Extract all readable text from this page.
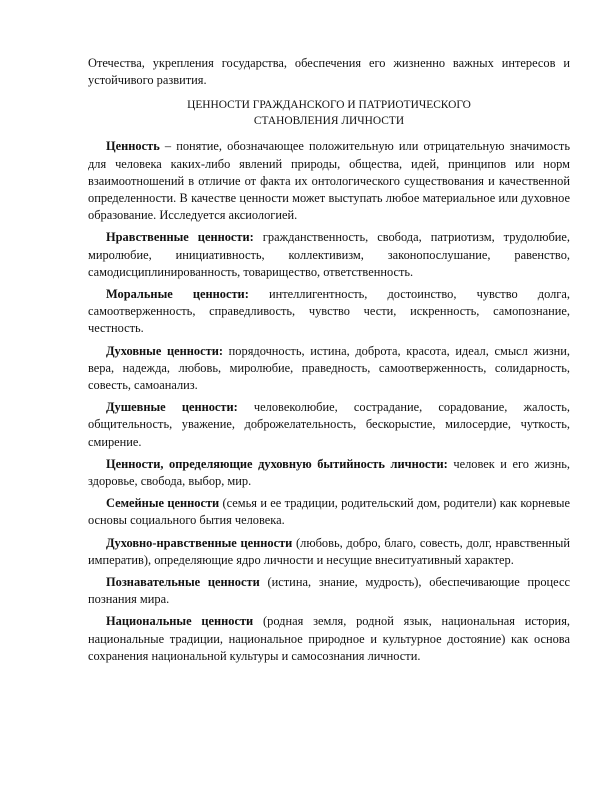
Отечества, укрепления государства, обеспечения его жизненно важных интересов и устойчивого развития.

ЦЕННОСТИ ГРАЖДАНСКОГО И ПАТРИОТИЧЕСКОГО
СТАНОВЛЕНИЯ ЛИЧНОСТИ

Ценность – понятие, обозначающее положительную или отрицательную значимость для человека каких-либо явлений природы, общества, идей, принципов или норм взаимоотношений в отличие от факта их онтологического существования и качественной определенности. В качестве ценности может выступать любое материальное или духовное образование. Исследуется аксиологией.

Нравственные ценности: гражданственность, свобода, патриотизм, трудолюбие, миролюбие, инициативность, коллективизм, законопослушание, равенство, самодисциплинированность, товарищество, ответственность.

Моральные ценности: интеллигентность, достоинство, чувство долга, самоотверженность, справедливость, чувство чести, искренность, самопознание, честность.

Духовные ценности: порядочность, истина, доброта, красота, идеал, смысл жизни, вера, надежда, любовь, миролюбие, праведность, самоотверженность, солидарность, совесть, самоанализ.

Душевные ценности: человеколюбие, сострадание, сорадование, жалость, общительность, уважение, доброжелательность, бескорыстие, милосердие, чуткость, смирение.

Ценности, определяющие духовную бытийность личности: человек и его жизнь, здоровье, свобода, выбор, мир.

Семейные ценности (семья и ее традиции, родительский дом, родители) как корневые основы социального бытия человека.

Духовно-нравственные ценности (любовь, добро, благо, совесть, долг, нравственный императив), определяющие ядро личности и несущие внеситуативный характер.

Познавательные ценности (истина, знание, мудрость), обеспечивающие процесс познания мира.

Национальные ценности (родная земля, родной язык, национальная история, национальные традиции, национальное природное и культурное достояние) как основа сохранения национальной культуры и самосознания личности.
